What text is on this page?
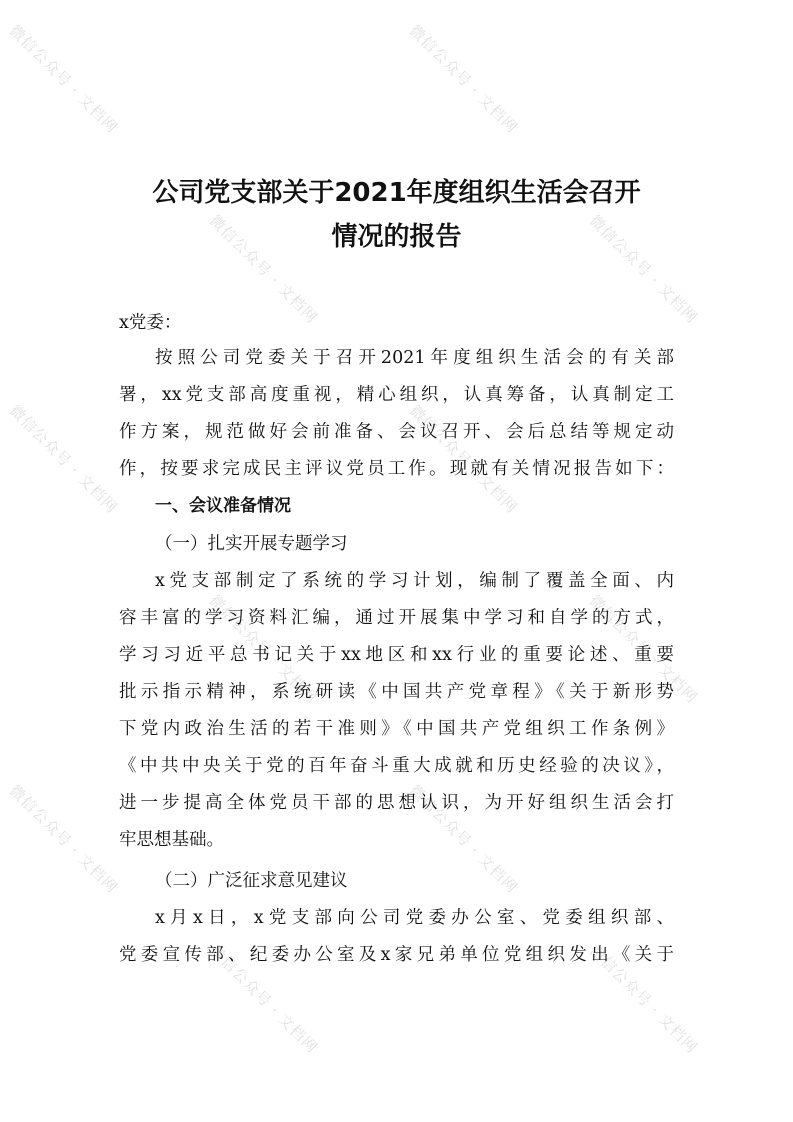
微信公众号 · 文档网	微信公众号 · 文档网
微信公众号 · 文档网	微信公众号 · 文档网
微信公众号 · 文档网	微信公众号 · 文档网
微信公众号 · 文档网	微信公众号 · 文档网
微信公众号 · 文档网	微信公众号 · 文档网
微信公众号 · 文档网	微信公众号 · 文档网
公司党支部关于2021年度组织生活会召开
情况的报告

x党委：

按照公司党委关于召开2021年度组织生活会的有关部

署，xx党支部高度重视，精心组织，认真筹备，认真制定工

作方案，规范做好会前准备、会议召开、会后总结等规定动

作，按要求完成民主评议党员工作。现就有关情况报告如下：

一、会议准备情况

（一）扎实开展专题学习

x党支部制定了系统的学习计划，编制了覆盖全面、内

容丰富的学习资料汇编，通过开展集中学习和自学的方式，

学习习近平总书记关于xx地区和xx行业的重要论述、重要

批示指示精神，系统研读《中国共产党章程》《关于新形势

下党内政治生活的若干准则》《中国共产党组织工作条例》

《中共中央关于党的百年奋斗重大成就和历史经验的决议》，

进一步提高全体党员干部的思想认识，为开好组织生活会打

牢思想基础。

（二）广泛征求意见建议

x月x日，x党支部向公司党委办公室、党委组织部、

党委宣传部、纪委办公室及x家兄弟单位党组织发出《关于
